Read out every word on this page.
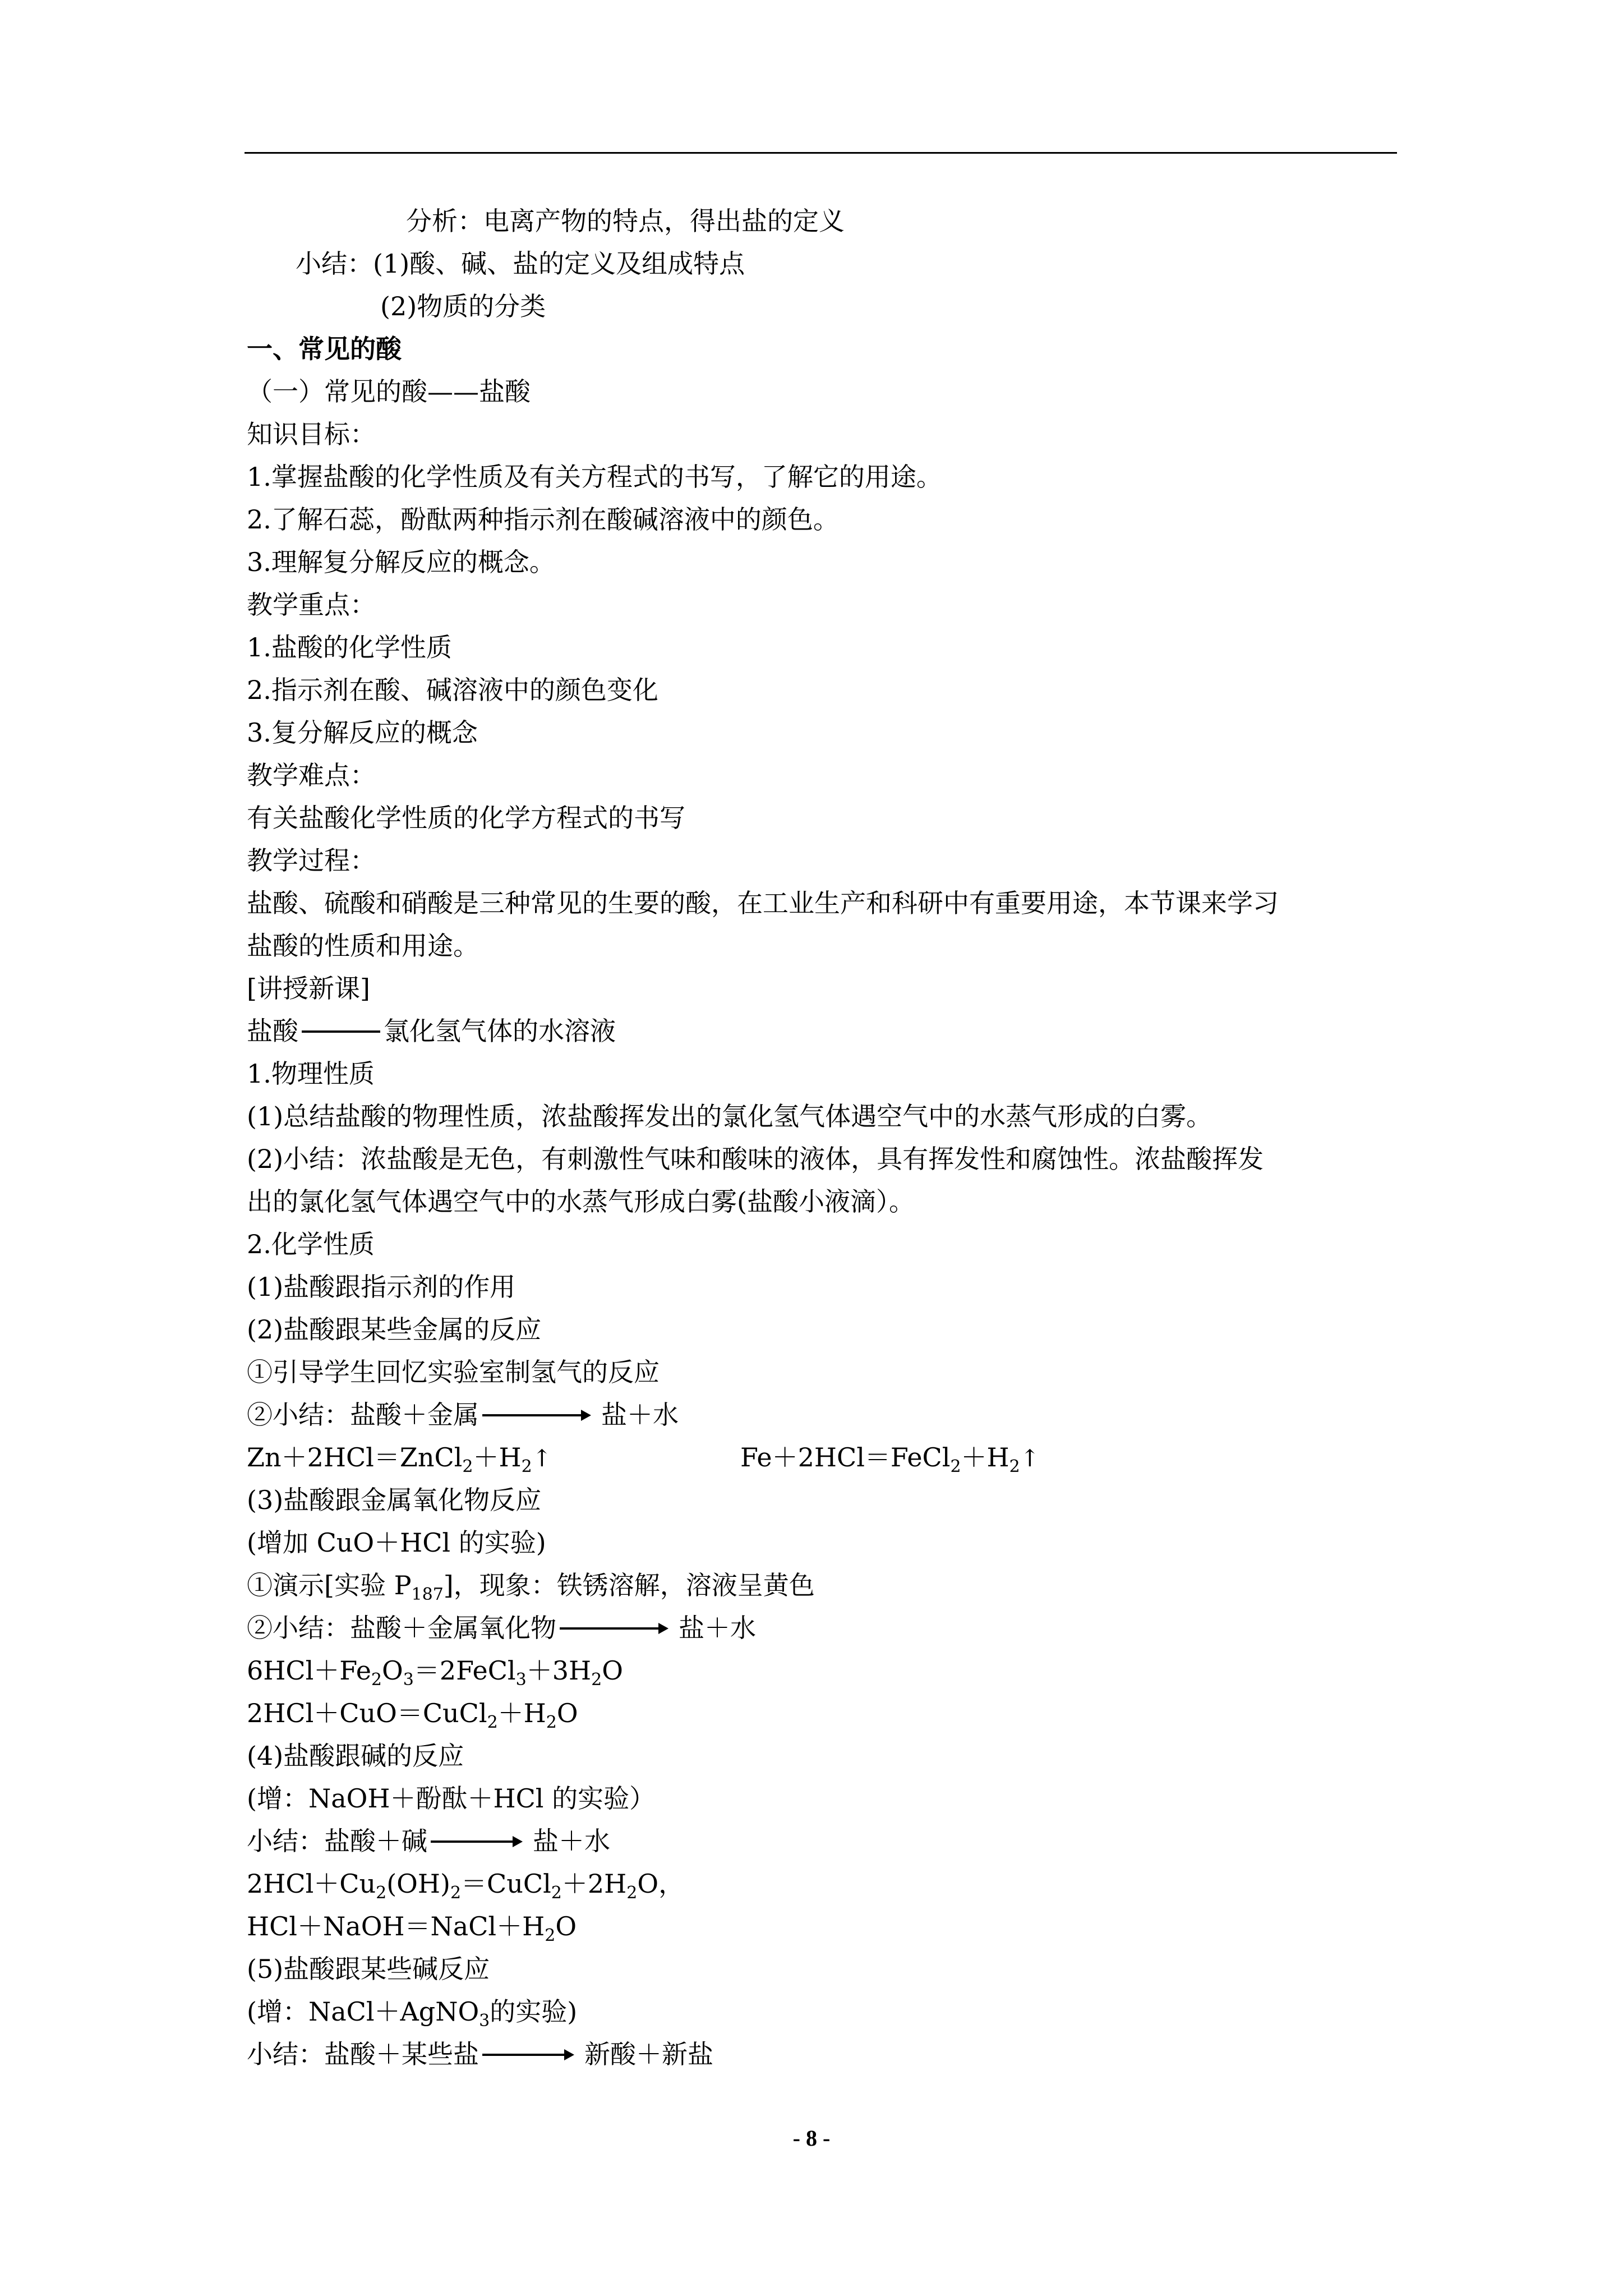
分析：电离产物的特点，得出盐的定义
小结：(1)酸、碱、盐的定义及组成特点
(2)物质的分类
一、常见的酸
（一）常见的酸——盐酸
知识目标：
1.掌握盐酸的化学性质及有关方程式的书写，了解它的用途。
2.了解石蕊，酚酞两种指示剂在酸碱溶液中的颜色。
3.理解复分解反应的概念。
教学重点：
1.盐酸的化学性质
2.指示剂在酸、碱溶液中的颜色变化
3.复分解反应的概念
教学难点：
有关盐酸化学性质的化学方程式的书写
教学过程：
盐酸、硫酸和硝酸是三种常见的生要的酸，在工业生产和科研中有重要用途，本节课来学习
盐酸的性质和用途。
[讲授新课]
盐酸	氯化氢气体的水溶液
1.物理性质
(1)总结盐酸的物理性质，浓盐酸挥发出的氯化氢气体遇空气中的水蒸气形成的白雾。
(2)小结：浓盐酸是无色，有刺激性气味和酸味的液体，具有挥发性和腐蚀性。浓盐酸挥发
出的氯化氢气体遇空气中的水蒸气形成白雾(盐酸小液滴）。
2.化学性质
(1)盐酸跟指示剂的作用
(2)盐酸跟某些金属的反应
①引导学生回忆实验室制氢气的反应
②小结：盐酸＋金属	盐＋水
$Zn+2HCl=ZnCl_2+H_2↑$	$Fe+2HCl=FeCl_2+H_2↑$
(3)盐酸跟金属氧化物反应
(增加 CuO＋HCl 的实验)
①演示[实验 $P_{187}$]，现象：铁锈溶解，溶液呈黄色
②小结：盐酸＋金属氧化物	盐＋水
$6HCl+Fe_2O_3=2FeCl_3+3H_2O$
$2HCl+CuO=CuCl_2+H_2O$
(4)盐酸跟碱的反应
(增：NaOH＋酚酞＋HCl 的实验）
小结：盐酸＋碱	盐＋水
$2HCl+Cu_2(OH)_2=CuCl_2+2H_2O$，
$HCl+NaOH=NaCl+H_2O$
(5)盐酸跟某些碱反应
(增：NaCl＋AgNO$_3$的实验)
小结：盐酸＋某些盐	新酸＋新盐
- 8 -
